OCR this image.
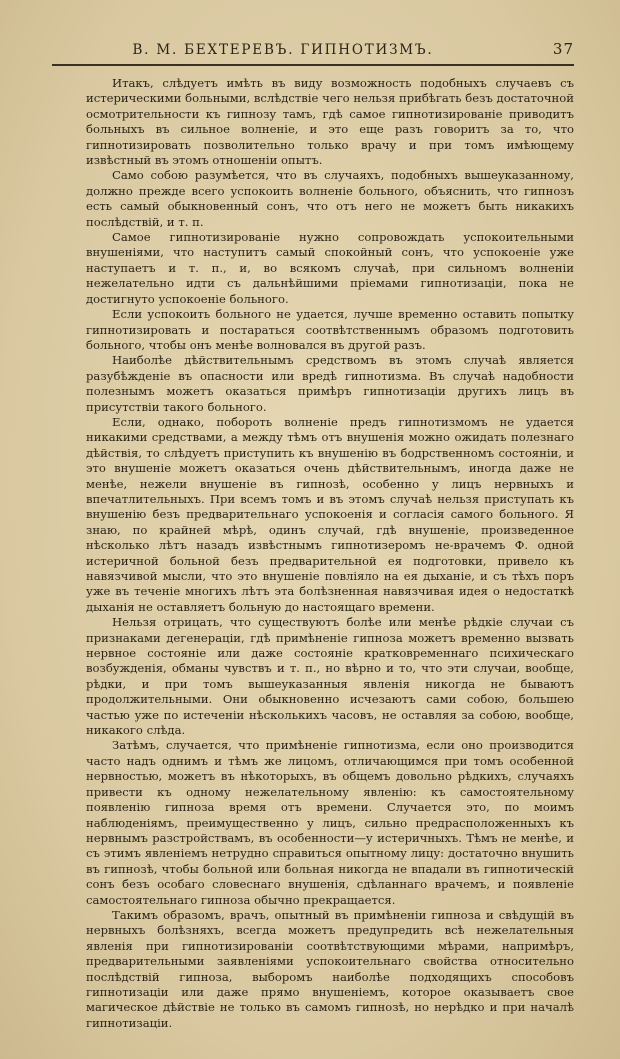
В. М. БЕХТЕРЕВЪ. ГИПНОТИЗМЪ.	37

Итакъ, слѣдуетъ имѣть въ виду возможность подобныхъ случаевъ съ истерическими больными, вслѣдствіе чего нельзя прибѣгать безъ достаточной осмотрительности къ гипнозу тамъ, гдѣ самое гипнотизированіе приводитъ больныхъ въ сильное волненіе, и это еще разъ говоритъ за то, что гипнотизировать позволительно только врачу и при томъ имѣющему извѣстный въ этомъ отношеніи опытъ.

Само собою разумѣется, что въ случаяхъ, подобныхъ вышеуказанному, должно прежде всего успокоить волненіе больного, объяснить, что гипнозъ есть самый обыкновенный сонъ, что отъ него не можетъ быть никакихъ послѣдствій, и т. п.

Самое гипнотизированіе нужно сопровождать успокоительными внушеніями, что наступитъ самый спокойный сонъ, что успокоеніе уже наступаетъ и т. п., и, во всякомъ случаѣ, при сильномъ волненіи нежелательно идти съ дальнѣйшими пріемами гипнотизаціи, пока не достигнуто успокоеніе больного.

Если успокоить больного не удается, лучше временно оставить попытку гипнотизировать и постараться соотвѣтственнымъ образомъ подготовить больного, чтобы онъ менѣе волновался въ другой разъ.

Наиболѣе дѣйствительнымъ средствомъ въ этомъ случаѣ является разубѣжденіе въ опасности или вредѣ гипнотизма. Въ случаѣ надобности полезнымъ можетъ оказаться примѣръ гипнотизаціи другихъ лицъ въ присутствіи такого больного.

Если, однако, побороть волненіе предъ гипнотизмомъ не удается никакими средствами, а между тѣмъ отъ внушенія можно ожидать полезнаго дѣйствія, то слѣдуетъ приступить къ внушенію въ бодрственномъ состояніи, и это внушеніе можетъ оказаться очень дѣйствительнымъ, иногда даже не менѣе, нежели внушеніе въ гипнозѣ, особенно у лицъ нервныхъ и впечатлительныхъ. При всемъ томъ и въ этомъ случаѣ нельзя приступать къ внушенію безъ предварительнаго успокоенія и согласія самого больного. Я знаю, по крайней мѣрѣ, одинъ случай, гдѣ внушеніе, произведенное нѣсколько лѣтъ назадъ извѣстнымъ гипнотизеромъ не-врачемъ Ф. одной истеричной больной безъ предварительной ея подготовки, привело къ навязчивой мысли, что это внушеніе повліяло на ея дыханіе, и съ тѣхъ поръ уже въ теченіе многихъ лѣтъ эта болѣзненная навязчивая идея о недостаткѣ дыханія не оставляетъ больную до настоящаго времени.

Нельзя отрицать, что существуютъ болѣе или менѣе рѣдкіе случаи съ признаками дегенераціи, гдѣ примѣненіе гипноза можетъ временно вызвать нервное состояніе или даже состояніе кратковременнаго психическаго возбужденія, обманы чувствъ и т. п., но вѣрно и то, что эти случаи, вообще, рѣдки, и при томъ вышеуказанныя явленія никогда не бываютъ продолжительными. Они обыкновенно исчезаютъ сами собою, большею частью уже по истеченіи нѣсколькихъ часовъ, не оставляя за собою, вообще, никакого слѣда.

Затѣмъ, случается, что примѣненіе гипнотизма, если оно производится часто надъ однимъ и тѣмъ же лицомъ, отличающимся при томъ особенной нервностью, можетъ въ нѣкоторыхъ, въ общемъ довольно рѣдкихъ, случаяхъ привести къ одному нежелательному явленію: къ самостоятельному появленію гипноза время отъ времени. Случается это, по моимъ наблюденіямъ, преимущественно у лицъ, сильно предрасположенныхъ къ нервнымъ разстройствамъ, въ особенности—у истеричныхъ. Тѣмъ не менѣе, и съ этимъ явленіемъ нетрудно справиться опытному лицу: достаточно внушить въ гипнозѣ, чтобы больной или больная никогда не впадали въ гипнотическій сонъ безъ особаго словеснаго внушенія, сдѣланнаго врачемъ, и появленіе самостоятельнаго гипноза обычно прекращается.

Такимъ образомъ, врачъ, опытный въ примѣненіи гипноза и свѣдущій въ нервныхъ болѣзняхъ, всегда можетъ предупредить всѣ нежелательныя явленія при гипнотизированіи соотвѣтствующими мѣрами, напримѣръ, предварительными заявленіями успокоительнаго свойства относительно послѣдствій гипноза, выборомъ наиболѣе подходящихъ способовъ гипнотизаціи или даже прямо внушеніемъ, которое оказываетъ свое магическое дѣйствіе не только въ самомъ гипнозѣ, но нерѣдко и при началѣ гипнотизаціи.
